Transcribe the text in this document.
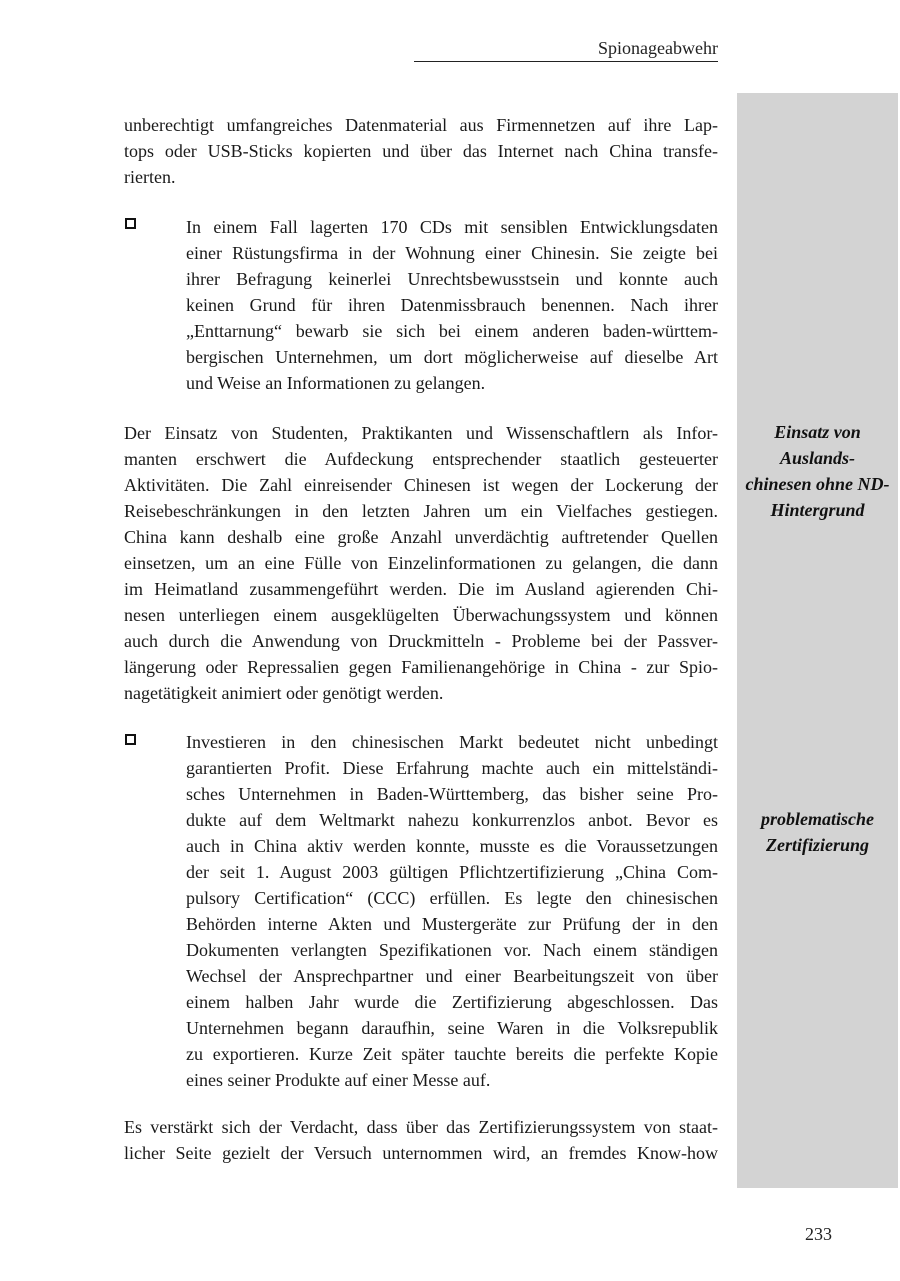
Spionageabwehr
Einsatz von
Auslands-
chinesen ohne ND-
Hintergrund
problematische
Zertifizierung
unberechtigt umfangreiches Datenmaterial aus Firmennetzen auf ihre Lap-
tops oder USB-Sticks kopierten und über das Internet nach China transfe-
rierten.
In einem Fall lagerten 170 CDs mit sensiblen Entwicklungsdaten
einer Rüstungsfirma in der Wohnung einer Chinesin. Sie zeigte bei
ihrer Befragung keinerlei Unrechtsbewusstsein und konnte auch
keinen Grund für ihren Datenmissbrauch benennen. Nach ihrer
„Enttarnung“ bewarb sie sich bei einem anderen baden-württem-
bergischen Unternehmen, um dort möglicherweise auf dieselbe Art
und Weise an Informationen zu gelangen.
Der Einsatz von Studenten, Praktikanten und Wissenschaftlern als Infor-
manten erschwert die Aufdeckung entsprechender staatlich gesteuerter
Aktivitäten. Die Zahl einreisender Chinesen ist wegen der Lockerung der
Reisebeschränkungen in den letzten Jahren um ein Vielfaches gestiegen.
China kann deshalb eine große Anzahl unverdächtig auftretender Quellen
einsetzen, um an eine Fülle von Einzelinformationen zu gelangen, die dann
im Heimatland zusammengeführt werden. Die im Ausland agierenden Chi-
nesen unterliegen einem ausgeklügelten Überwachungssystem und können
auch durch die Anwendung von Druckmitteln - Probleme bei der Passver-
längerung oder Repressalien gegen Familienangehörige in China - zur Spio-
nagetätigkeit animiert oder genötigt werden.
Investieren in den chinesischen Markt bedeutet nicht unbedingt
garantierten Profit. Diese Erfahrung machte auch ein mittelständi-
sches Unternehmen in Baden-Württemberg, das bisher seine Pro-
dukte auf dem Weltmarkt nahezu konkurrenzlos anbot. Bevor es
auch in China aktiv werden konnte, musste es die Voraussetzungen
der seit 1. August 2003 gültigen Pflichtzertifizierung „China Com-
pulsory Certification“ (CCC) erfüllen. Es legte den chinesischen
Behörden interne Akten und Mustergeräte zur Prüfung der in den
Dokumenten verlangten Spezifikationen vor. Nach einem ständigen
Wechsel der Ansprechpartner und einer Bearbeitungszeit von über
einem halben Jahr wurde die Zertifizierung abgeschlossen. Das
Unternehmen begann daraufhin, seine Waren in die Volksrepublik
zu exportieren. Kurze Zeit später tauchte bereits die perfekte Kopie
eines seiner Produkte auf einer Messe auf.
Es verstärkt sich der Verdacht, dass über das Zertifizierungssystem von staat-
licher Seite gezielt der Versuch unternommen wird, an fremdes Know-how
233
